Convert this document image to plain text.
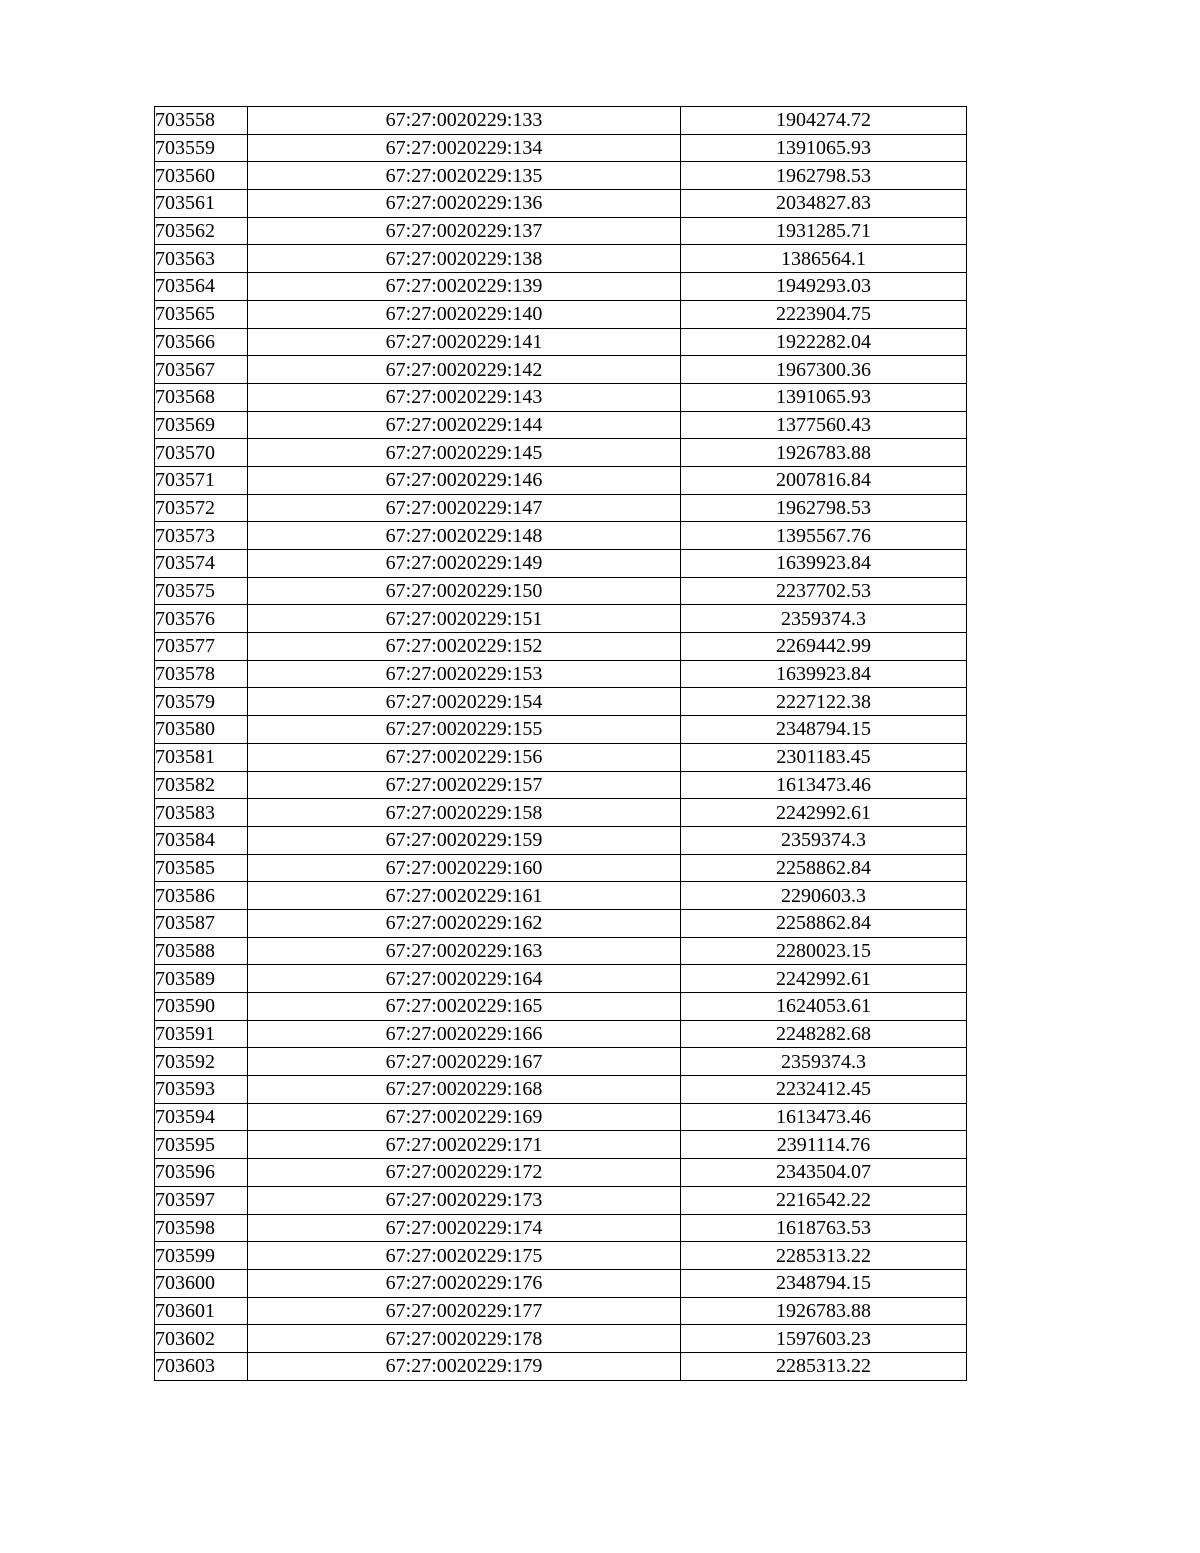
703558	67:27:0020229:133	1904274.72
703559	67:27:0020229:134	1391065.93
703560	67:27:0020229:135	1962798.53
703561	67:27:0020229:136	2034827.83
703562	67:27:0020229:137	1931285.71
703563	67:27:0020229:138	1386564.1
703564	67:27:0020229:139	1949293.03
703565	67:27:0020229:140	2223904.75
703566	67:27:0020229:141	1922282.04
703567	67:27:0020229:142	1967300.36
703568	67:27:0020229:143	1391065.93
703569	67:27:0020229:144	1377560.43
703570	67:27:0020229:145	1926783.88
703571	67:27:0020229:146	2007816.84
703572	67:27:0020229:147	1962798.53
703573	67:27:0020229:148	1395567.76
703574	67:27:0020229:149	1639923.84
703575	67:27:0020229:150	2237702.53
703576	67:27:0020229:151	2359374.3
703577	67:27:0020229:152	2269442.99
703578	67:27:0020229:153	1639923.84
703579	67:27:0020229:154	2227122.38
703580	67:27:0020229:155	2348794.15
703581	67:27:0020229:156	2301183.45
703582	67:27:0020229:157	1613473.46
703583	67:27:0020229:158	2242992.61
703584	67:27:0020229:159	2359374.3
703585	67:27:0020229:160	2258862.84
703586	67:27:0020229:161	2290603.3
703587	67:27:0020229:162	2258862.84
703588	67:27:0020229:163	2280023.15
703589	67:27:0020229:164	2242992.61
703590	67:27:0020229:165	1624053.61
703591	67:27:0020229:166	2248282.68
703592	67:27:0020229:167	2359374.3
703593	67:27:0020229:168	2232412.45
703594	67:27:0020229:169	1613473.46
703595	67:27:0020229:171	2391114.76
703596	67:27:0020229:172	2343504.07
703597	67:27:0020229:173	2216542.22
703598	67:27:0020229:174	1618763.53
703599	67:27:0020229:175	2285313.22
703600	67:27:0020229:176	2348794.15
703601	67:27:0020229:177	1926783.88
703602	67:27:0020229:178	1597603.23
703603	67:27:0020229:179	2285313.22
